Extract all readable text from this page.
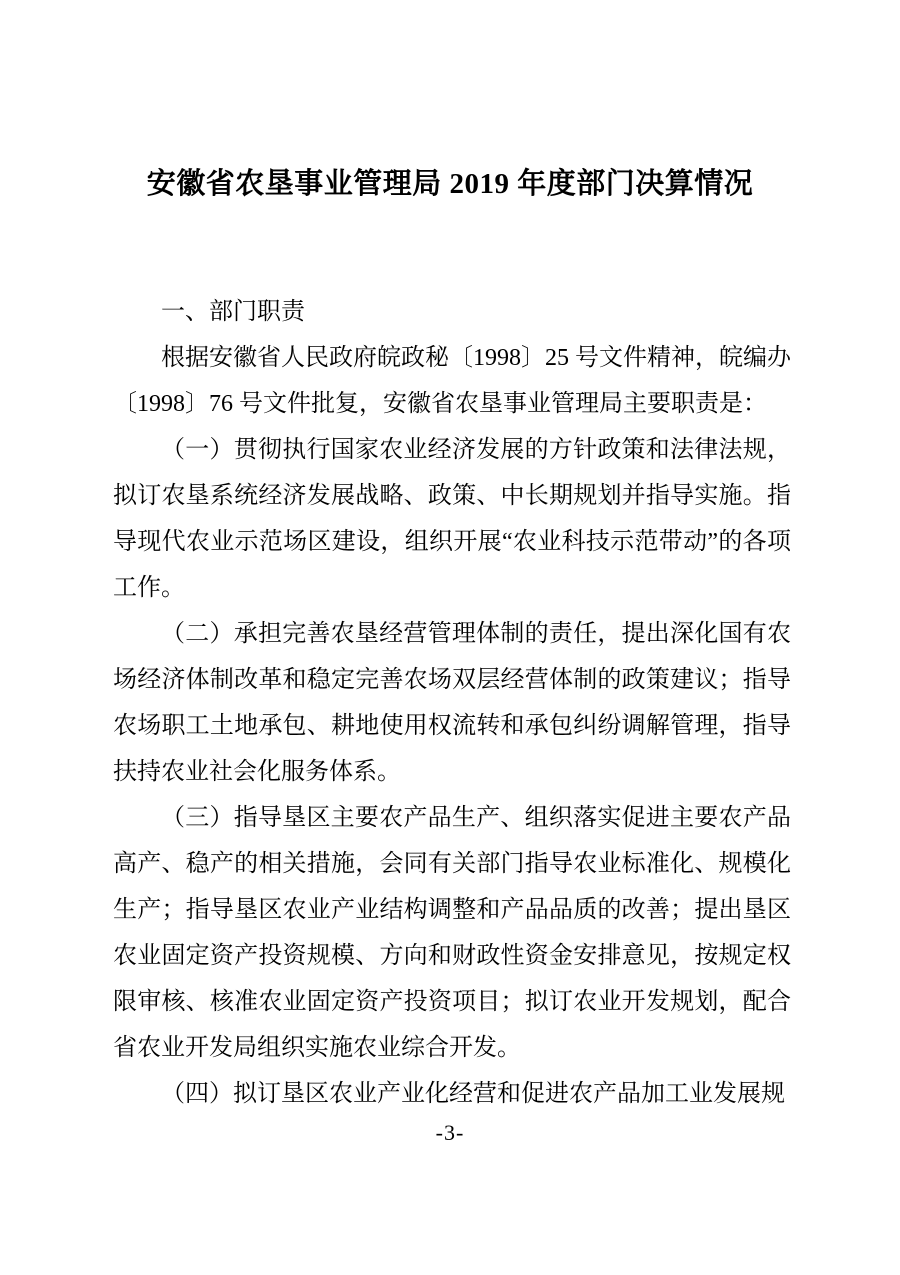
安徽省农垦事业管理局 2019 年度部门决算情况

一、部门职责

根据安徽省人民政府皖政秘〔1998〕25 号文件精神，皖编办〔1998〕76 号文件批复，安徽省农垦事业管理局主要职责是：

（一）贯彻执行国家农业经济发展的方针政策和法律法规，拟订农垦系统经济发展战略、政策、中长期规划并指导实施。指导现代农业示范场区建设，组织开展“农业科技示范带动”的各项工作。

（二）承担完善农垦经营管理体制的责任，提出深化国有农场经济体制改革和稳定完善农场双层经营体制的政策建议；指导农场职工土地承包、耕地使用权流转和承包纠纷调解管理，指导扶持农业社会化服务体系。

（三）指导垦区主要农产品生产、组织落实促进主要农产品高产、稳产的相关措施，会同有关部门指导农业标准化、规模化生产；指导垦区农业产业结构调整和产品品质的改善；提出垦区农业固定资产投资规模、方向和财政性资金安排意见，按规定权限审核、核准农业固定资产投资项目；拟订农业开发规划，配合省农业开发局组织实施农业综合开发。

（四）拟订垦区农业产业化经营和促进农产品加工业发展规

-3-
